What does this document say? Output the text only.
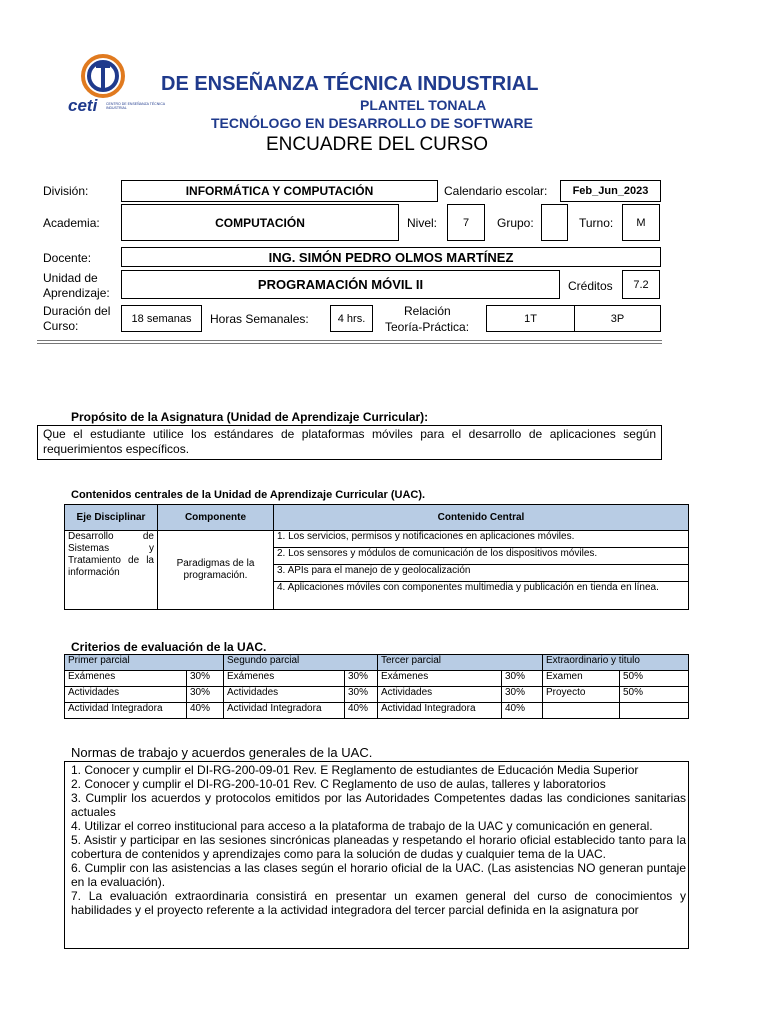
ceti CENTRO DE ENSEÑANZA TÉCNICA INDUSTRIAL
DE ENSEÑANZA TÉCNICA INDUSTRIAL
PLANTEL TONALA
TECNÓLOGO EN DESARROLLO DE SOFTWARE
ENCUADRE DEL CURSO
División:	INFORMÁTICA Y COMPUTACIÓN	Calendario escolar:	Feb_Jun_2023
Academia:	COMPUTACIÓN	Nivel:	7	Grupo:	Turno:	M
Docente:	ING. SIMÓN PEDRO OLMOS MARTÍNEZ
Unidad de
Aprendizaje:
PROGRAMACIÓN MÓVIL II	Créditos	7.2
Duración del
Curso:
18 semanas	Horas Semanales:	4 hrs.
Relación
Teoría-Práctica:
1T	3P
Propósito de la Asignatura (Unidad de Aprendizaje Curricular):
Que el estudiante utilice los estándares de plataformas móviles para el desarrollo de aplicaciones según requerimientos específicos.
Contenidos centrales de la Unidad de Aprendizaje Curricular (UAC).
Eje Disciplinar	Componente	Contenido Central
Desarrollo de Sistemas y Tratamiento de la información	Paradigmas de la programación.	1. Los servicios, permisos y notificaciones en aplicaciones móviles.
		2. Los sensores y módulos de comunicación de los dispositivos móviles.
		3. APIs para el manejo de y geolocalización
		4. Aplicaciones móviles con componentes multimedia y publicación en tienda en línea.
Criterios de evaluación de la UAC.
Primer parcial		Segundo parcial		Tercer parcial		Extraordinario y titulo	
Exámenes	30%	Exámenes	30%	Exámenes	30%	Examen	50%
Actividades	30%	Actividades	30%	Actividades	30%	Proyecto	50%
Actividad Integradora	40%	Actividad Integradora	40%	Actividad Integradora	40%		
Normas de trabajo y acuerdos generales de la UAC.
1. Conocer y cumplir el DI-RG-200-09-01 Rev. E Reglamento de estudiantes de Educación Media Superior
2. Conocer y cumplir el DI-RG-200-10-01 Rev. C Reglamento de uso de aulas, talleres y laboratorios
3. Cumplir los acuerdos y protocolos emitidos por las Autoridades Competentes dadas las condiciones sanitarias actuales
4. Utilizar el correo institucional para acceso a la plataforma de trabajo de la UAC y comunicación en general.
5. Asistir y participar en las sesiones sincrónicas planeadas y respetando el horario oficial establecido tanto para la cobertura de contenidos y aprendizajes como para la solución de dudas y cualquier tema de la UAC.
6. Cumplir con las asistencias a las clases según el horario oficial de la UAC. (Las asistencias NO generan puntaje en la evaluación).
7. La evaluación extraordinaria consistirá en presentar un examen general del curso de conocimientos y habilidades y el proyecto referente a la actividad integradora del tercer parcial definida en la asignatura por
